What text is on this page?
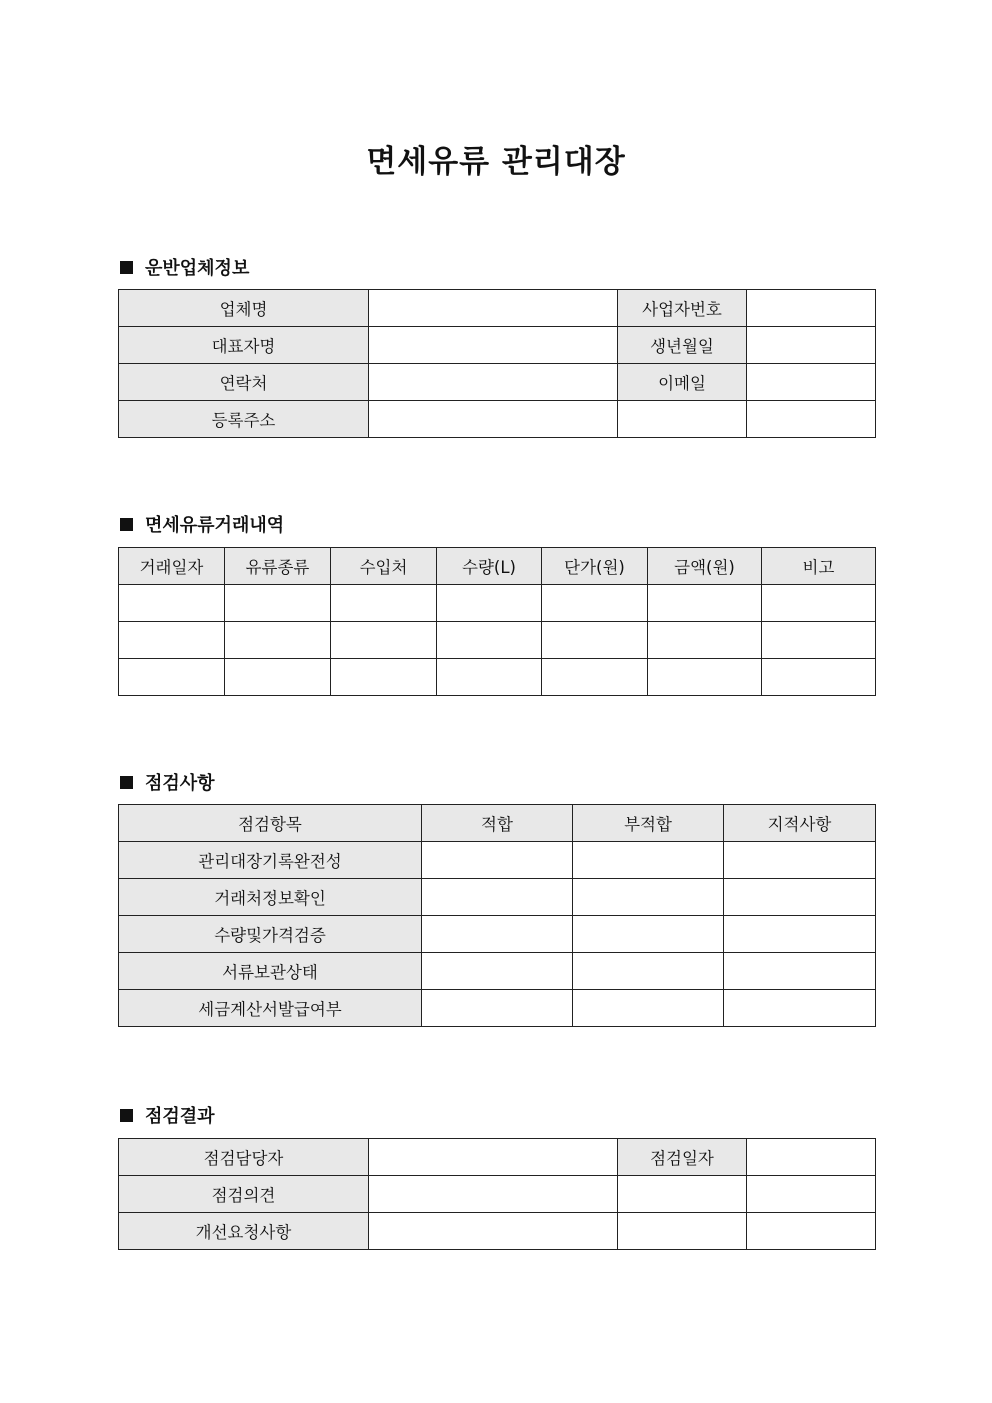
면세유류 관리대장
운반업체정보
업체명		사업자번호	
대표자명		생년월일	
연락처		이메일	
등록주소			
면세유류거래내역
거래일자	유류종류	수입처	수량(L)	단가(원)	금액(원)	비고

점검사항
점검항목	적합	부적합	지적사항
관리대장기록완전성			
거래처정보확인			
수량및가격검증			
서류보관상태			
세금계산서발급여부			
점검결과
점검담당자		점검일자	
점검의견			
개선요청사항			
